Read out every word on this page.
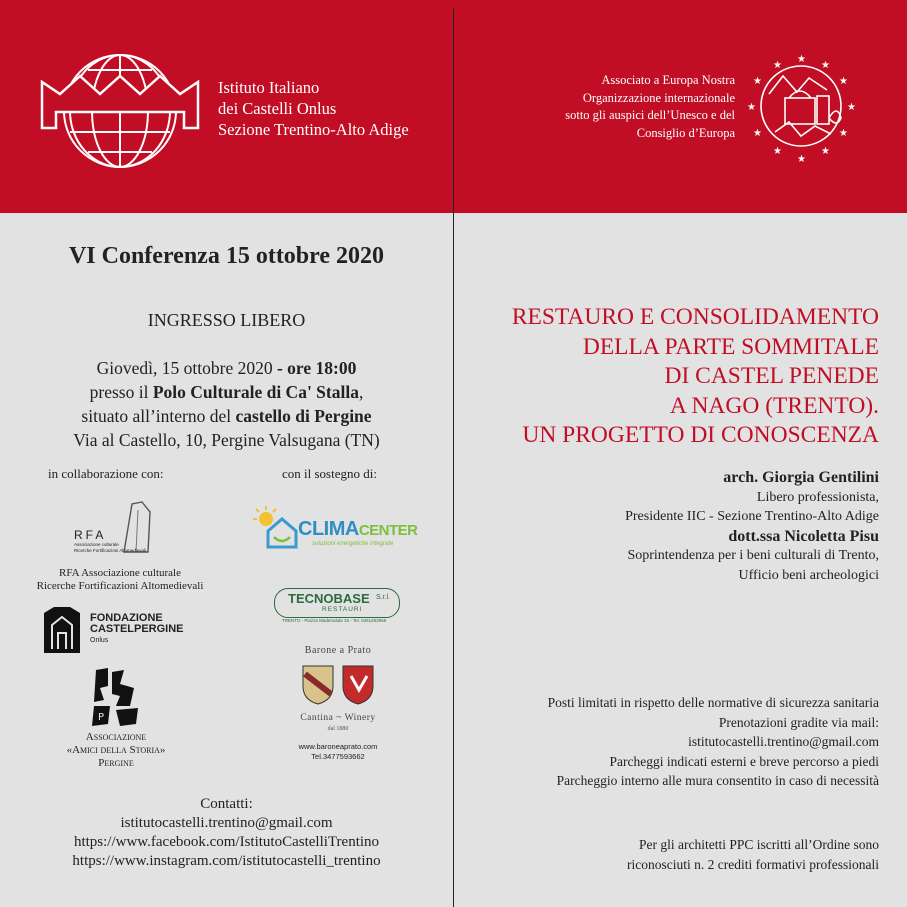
Istituto Italiano
dei Castelli Onlus
Sezione Trentino-Alto Adige
Associato a Europa Nostra
Organizzazione internazionale
sotto gli auspici dell’Unesco e del
Consiglio d’Europa
★
★
★
★
★
★
★
★
★
★
★
★
VI Conferenza 15 ottobre 2020
INGRESSO LIBERO
Giovedì, 15 ottobre 2020 - ore 18:00
presso il Polo Culturale di Ca' Stalla,
situato all’interno del castello di Pergine
Via al Castello, 10, Pergine Valsugana (TN)
in collaborazione con:	con il sostegno di:
RFA
Associazione culturale
Ricerche Fortificazioni Altomedievali
RFA Associazione culturale
Ricerche Fortificazioni Altomedievali
FONDAZIONE
CASTELPERGINE
Onlus
P
Associazione
«Amici della Storia»
Pergine
CLIMACENTER
soluzioni energetiche integrate
TECNOBASE S.r.l.
RESTAURI
TRENTO - Piazza Mademdola 16 - Tel. 0461263966
Barone a Prato
Cantina ~ Winery
dal 1880
www.baroneaprato.com
Tel.3477593662
Contatti:
istitutocastelli.trentino@gmail.com
https://www.facebook.com/IstitutoCastelliTrentino
https://www.instagram.com/istitutocastelli_trentino
RESTAURO E CONSOLIDAMENTO
DELLA PARTE SOMMITALE
DI CASTEL PENEDE
A NAGO (TRENTO).
UN PROGETTO DI CONOSCENZA
arch. Giorgia Gentilini
Libero professionista,
Presidente IIC - Sezione Trentino-Alto Adige
dott.ssa Nicoletta Pisu
Soprintendenza per i beni culturali di Trento,
Ufficio beni archeologici
Posti limitati in rispetto delle normative di sicurezza sanitaria
Prenotazioni gradite via mail:
istitutocastelli.trentino@gmail.com
Parcheggi indicati esterni e breve percorso a piedi
Parcheggio interno alle mura consentito in caso di necessità
Per gli architetti PPC iscritti all’Ordine sono
riconosciuti n. 2 crediti formativi professionali
